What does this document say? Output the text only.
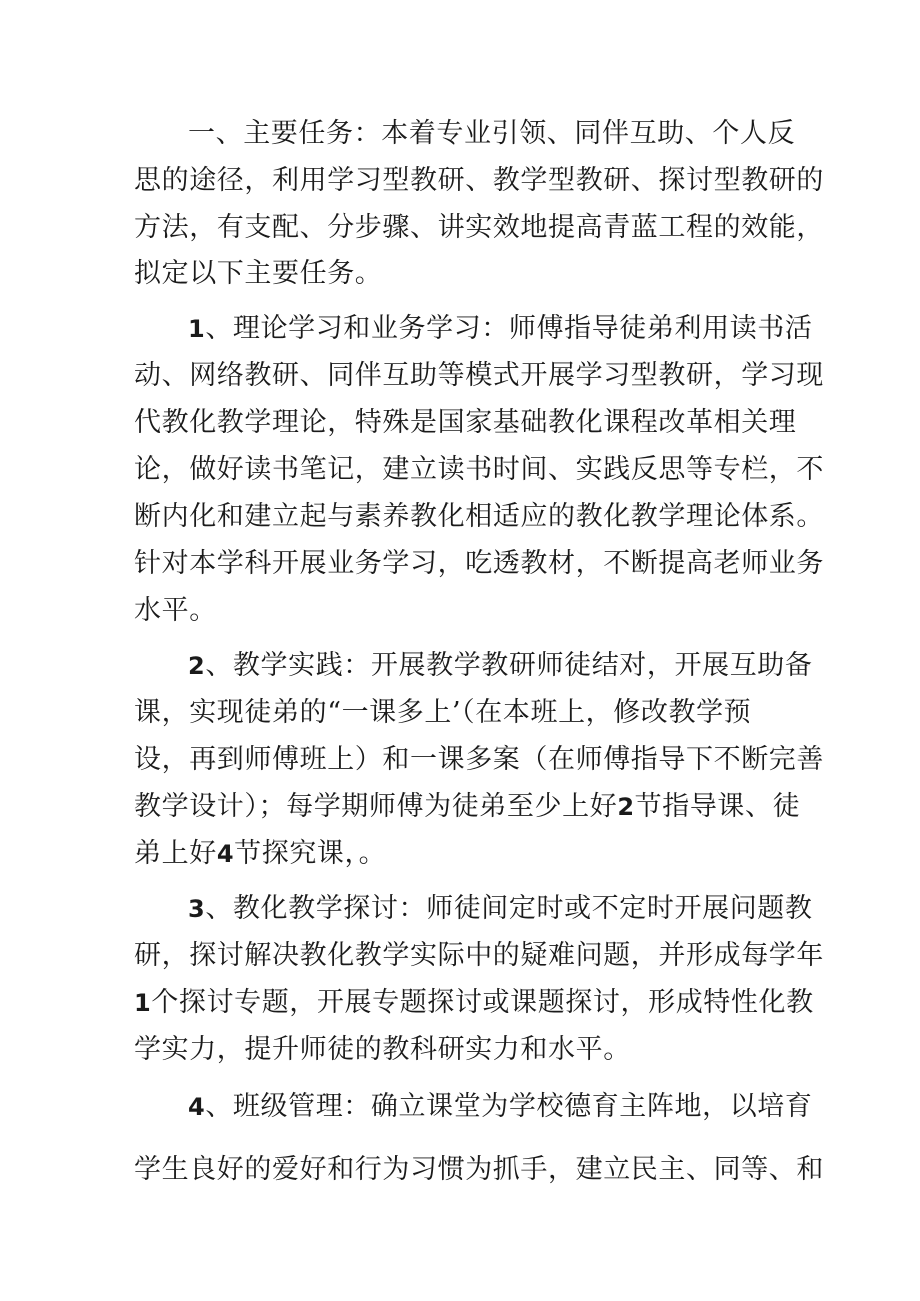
一、主要任务：本着专业引领、同伴互助、个人反
思的途径，利用学习型教研、教学型教研、探讨型教研的
方法，有支配、分步骤、讲实效地提高青蓝工程的效能，
拟定以下主要任务。
1、理论学习和业务学习：师傅指导徒弟利用读书活
动、网络教研、同伴互助等模式开展学习型教研，学习现
代教化教学理论，特殊是国家基础教化课程改革相关理
论，做好读书笔记，建立读书时间、实践反思等专栏，不
断内化和建立起与素养教化相适应的教化教学理论体系。
针对本学科开展业务学习，吃透教材，不断提高老师业务
水平。
2、教学实践：开展教学教研师徒结对，开展互助备
课，实现徒弟的“一课多上’（在本班上，修改教学预
设，再到师傅班上）和一课多案（在师傅指导下不断完善
教学设计）；每学期师傅为徒弟至少上好2节指导课、徒
弟上好4节探究课，。
3、教化教学探讨：师徒间定时或不定时开展问题教
研，探讨解决教化教学实际中的疑难问题，并形成每学年
1个探讨专题，开展专题探讨或课题探讨，形成特性化教
学实力，提升师徒的教科研实力和水平。
4、班级管理：确立课堂为学校德育主阵地，以培育
学生良好的爱好和行为习惯为抓手，建立民主、同等、和
